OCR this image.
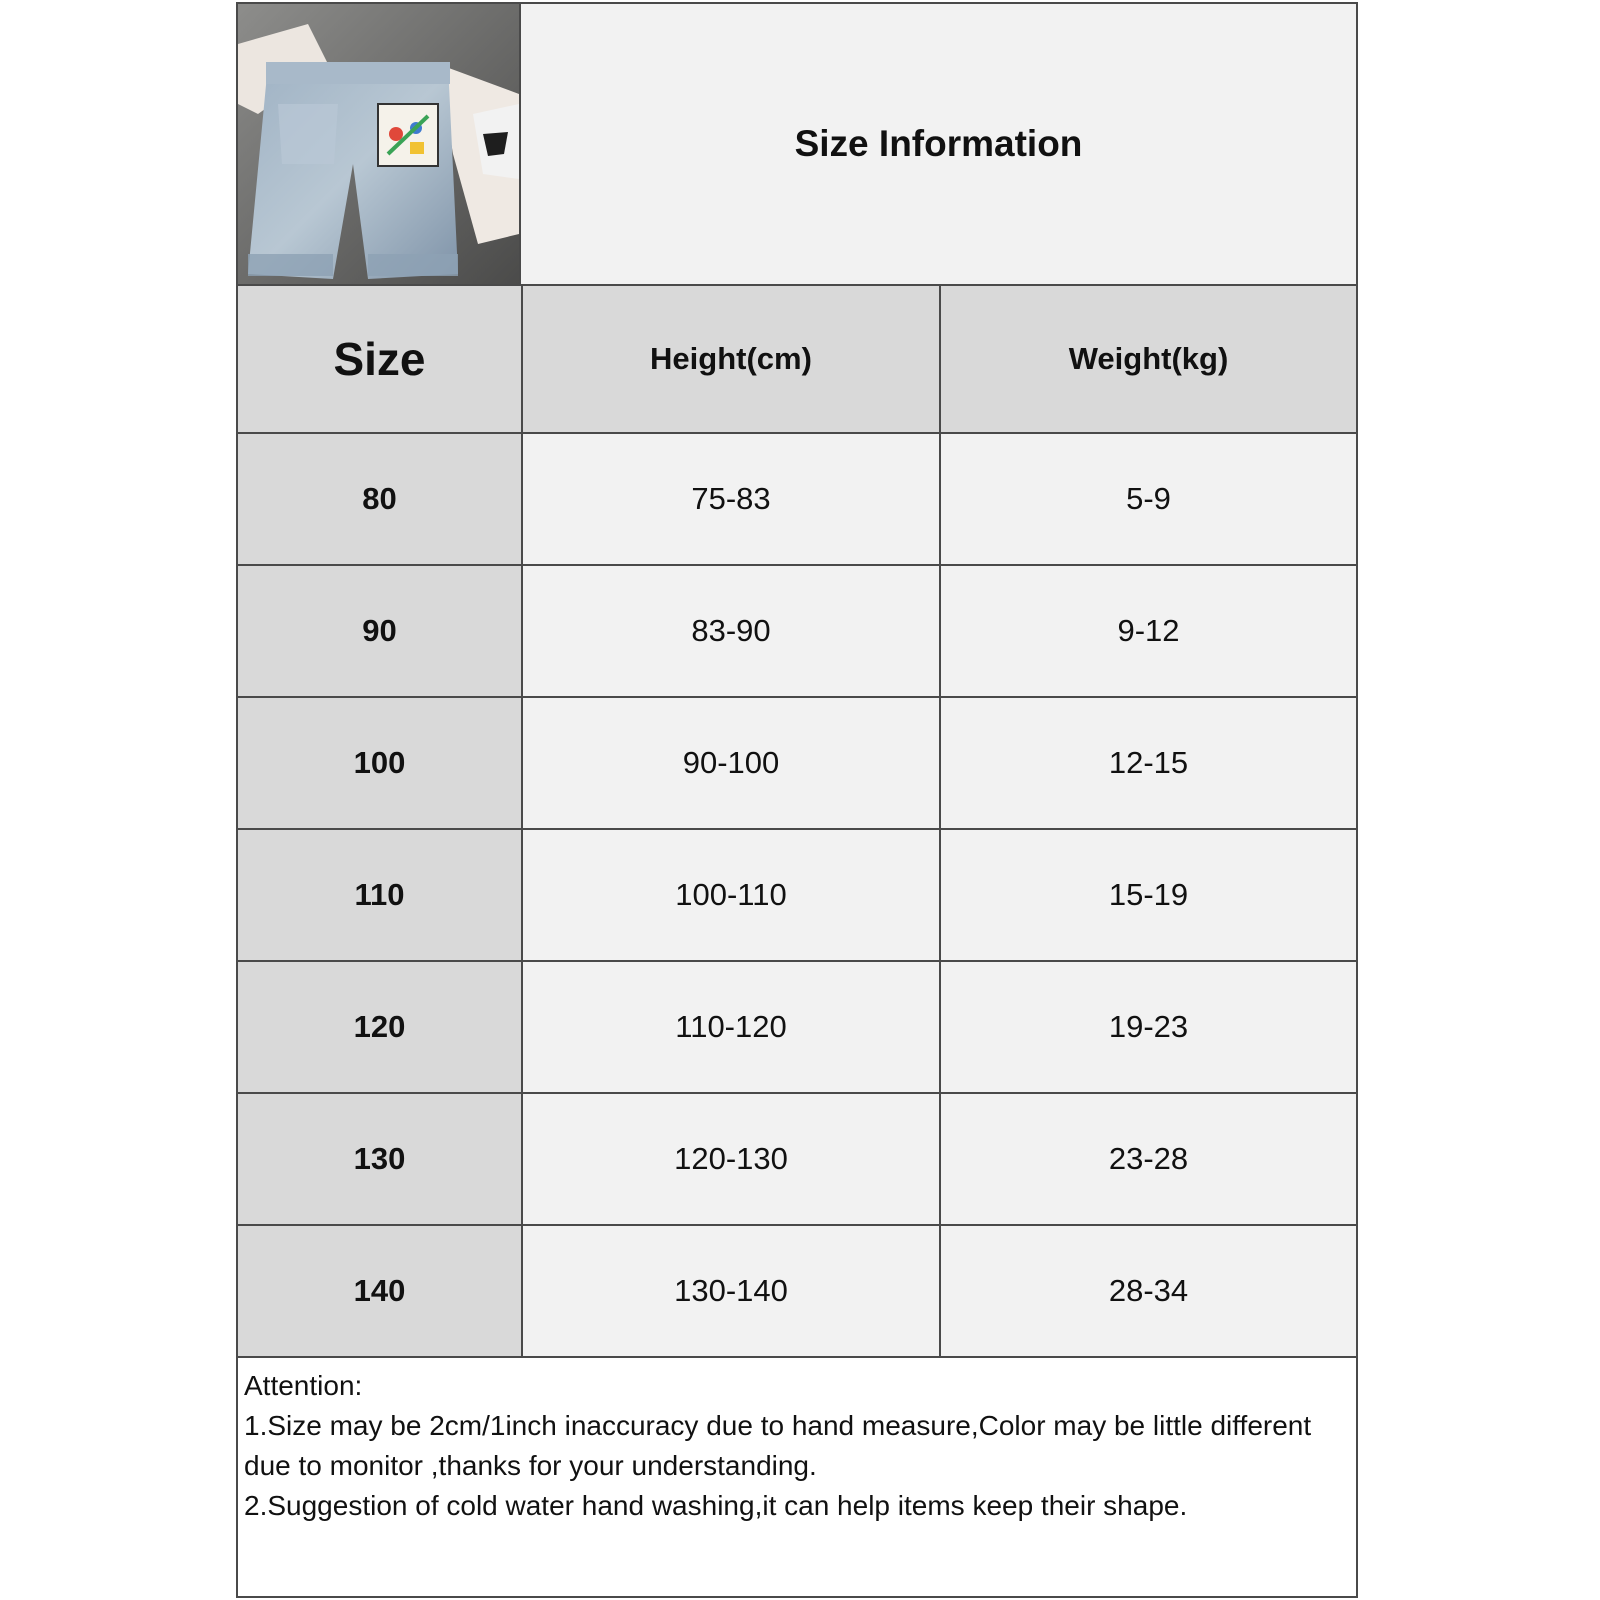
Size Information
Size	Height(cm)	Weight(kg)
80	75-83	5-9
90	83-90	9-12
100	90-100	12-15
110	100-110	15-19
120	110-120	19-23
130	120-130	23-28
140	130-140	28-34
Attention:
1.Size may be 2cm/1inch inaccuracy due to hand measure,Color may be little different due to monitor ,thanks for your understanding.
2.Suggestion of cold water hand washing,it can help items keep their shape.
